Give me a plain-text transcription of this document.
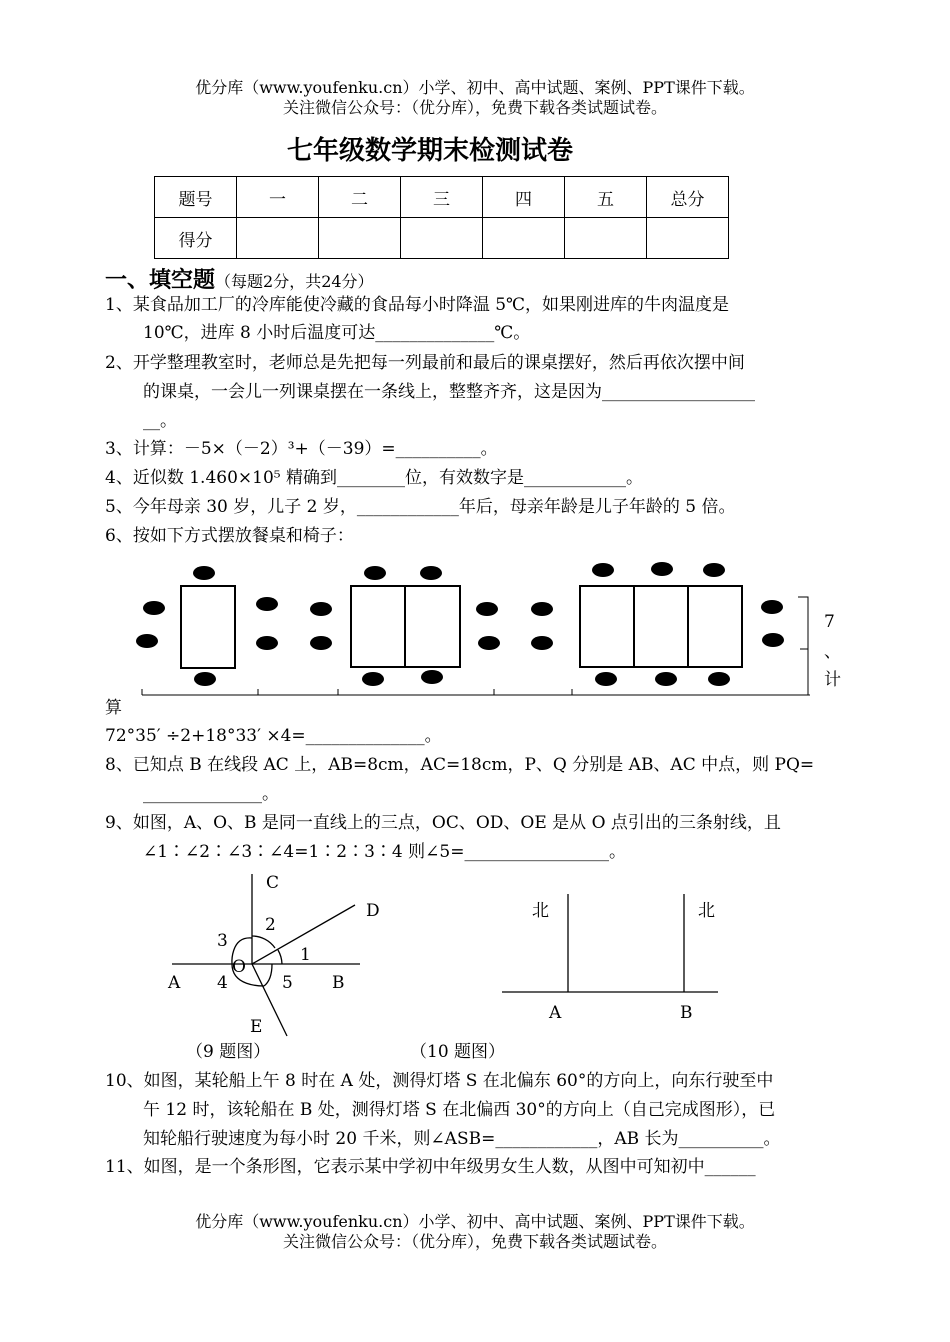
优分库（www.youfenku.cn）小学、初中、高中试题、案例、PPT课件下载。
关注微信公众号：（优分库），免费下载各类试题试卷。
七年级数学期末检测试卷
题号	一	二	三	四	五	总分
得分						
一、填空题（每题2分，共24分）
1、某食品加工厂的冷库能使冷藏的食品每小时降温 5℃，如果刚进库的牛肉温度是
10℃，进库 8 小时后温度可达______________℃。
2、开学整理教室时，老师总是先把每一列最前和最后的课桌摆好，然后再依次摆中间
的课桌，一会儿一列课桌摆在一条线上，整整齐齐，这是因为__________________
__。
3、计算：－5×（－2）³+（－39）=__________。
4、近似数 1.460×10⁵ 精确到________位，有效数字是____________。
5、今年母亲 30 岁，儿子 2 岁，____________年后，母亲年龄是儿子年龄的 5 倍。
6、按如下方式摆放餐桌和椅子：
7
、
计
算
72°35′ ÷2+18°33′ ×4=______________。
8、已知点 B 在线段 AC 上，AB=8cm，AC=18cm，P、Q 分别是 AB、AC 中点，则 PQ=
______________。
9、如图，A、O、B 是同一直线上的三点，OC、OD、OE 是从 O 点引出的三条射线，且
∠1∶∠2∶∠3∶∠4=1∶2∶3∶4 则∠5=_________________。
C
D
2
3
1
O
A 4	5 B
E
（9 题图）
北	北
A	B
（10 题图）
10、如图，某轮船上午 8 时在 A 处，测得灯塔 S 在北偏东 60°的方向上，向东行驶至中
午 12 时，该轮船在 B 处，测得灯塔 S 在北偏西 30°的方向上（自己完成图形），已
知轮船行驶速度为每小时 20 千米，则∠ASB=____________，AB 长为__________。
11、如图，是一个条形图，它表示某中学初中年级男女生人数，从图中可知初中______
优分库（www.youfenku.cn）小学、初中、高中试题、案例、PPT课件下载。
关注微信公众号：（优分库），免费下载各类试题试卷。
